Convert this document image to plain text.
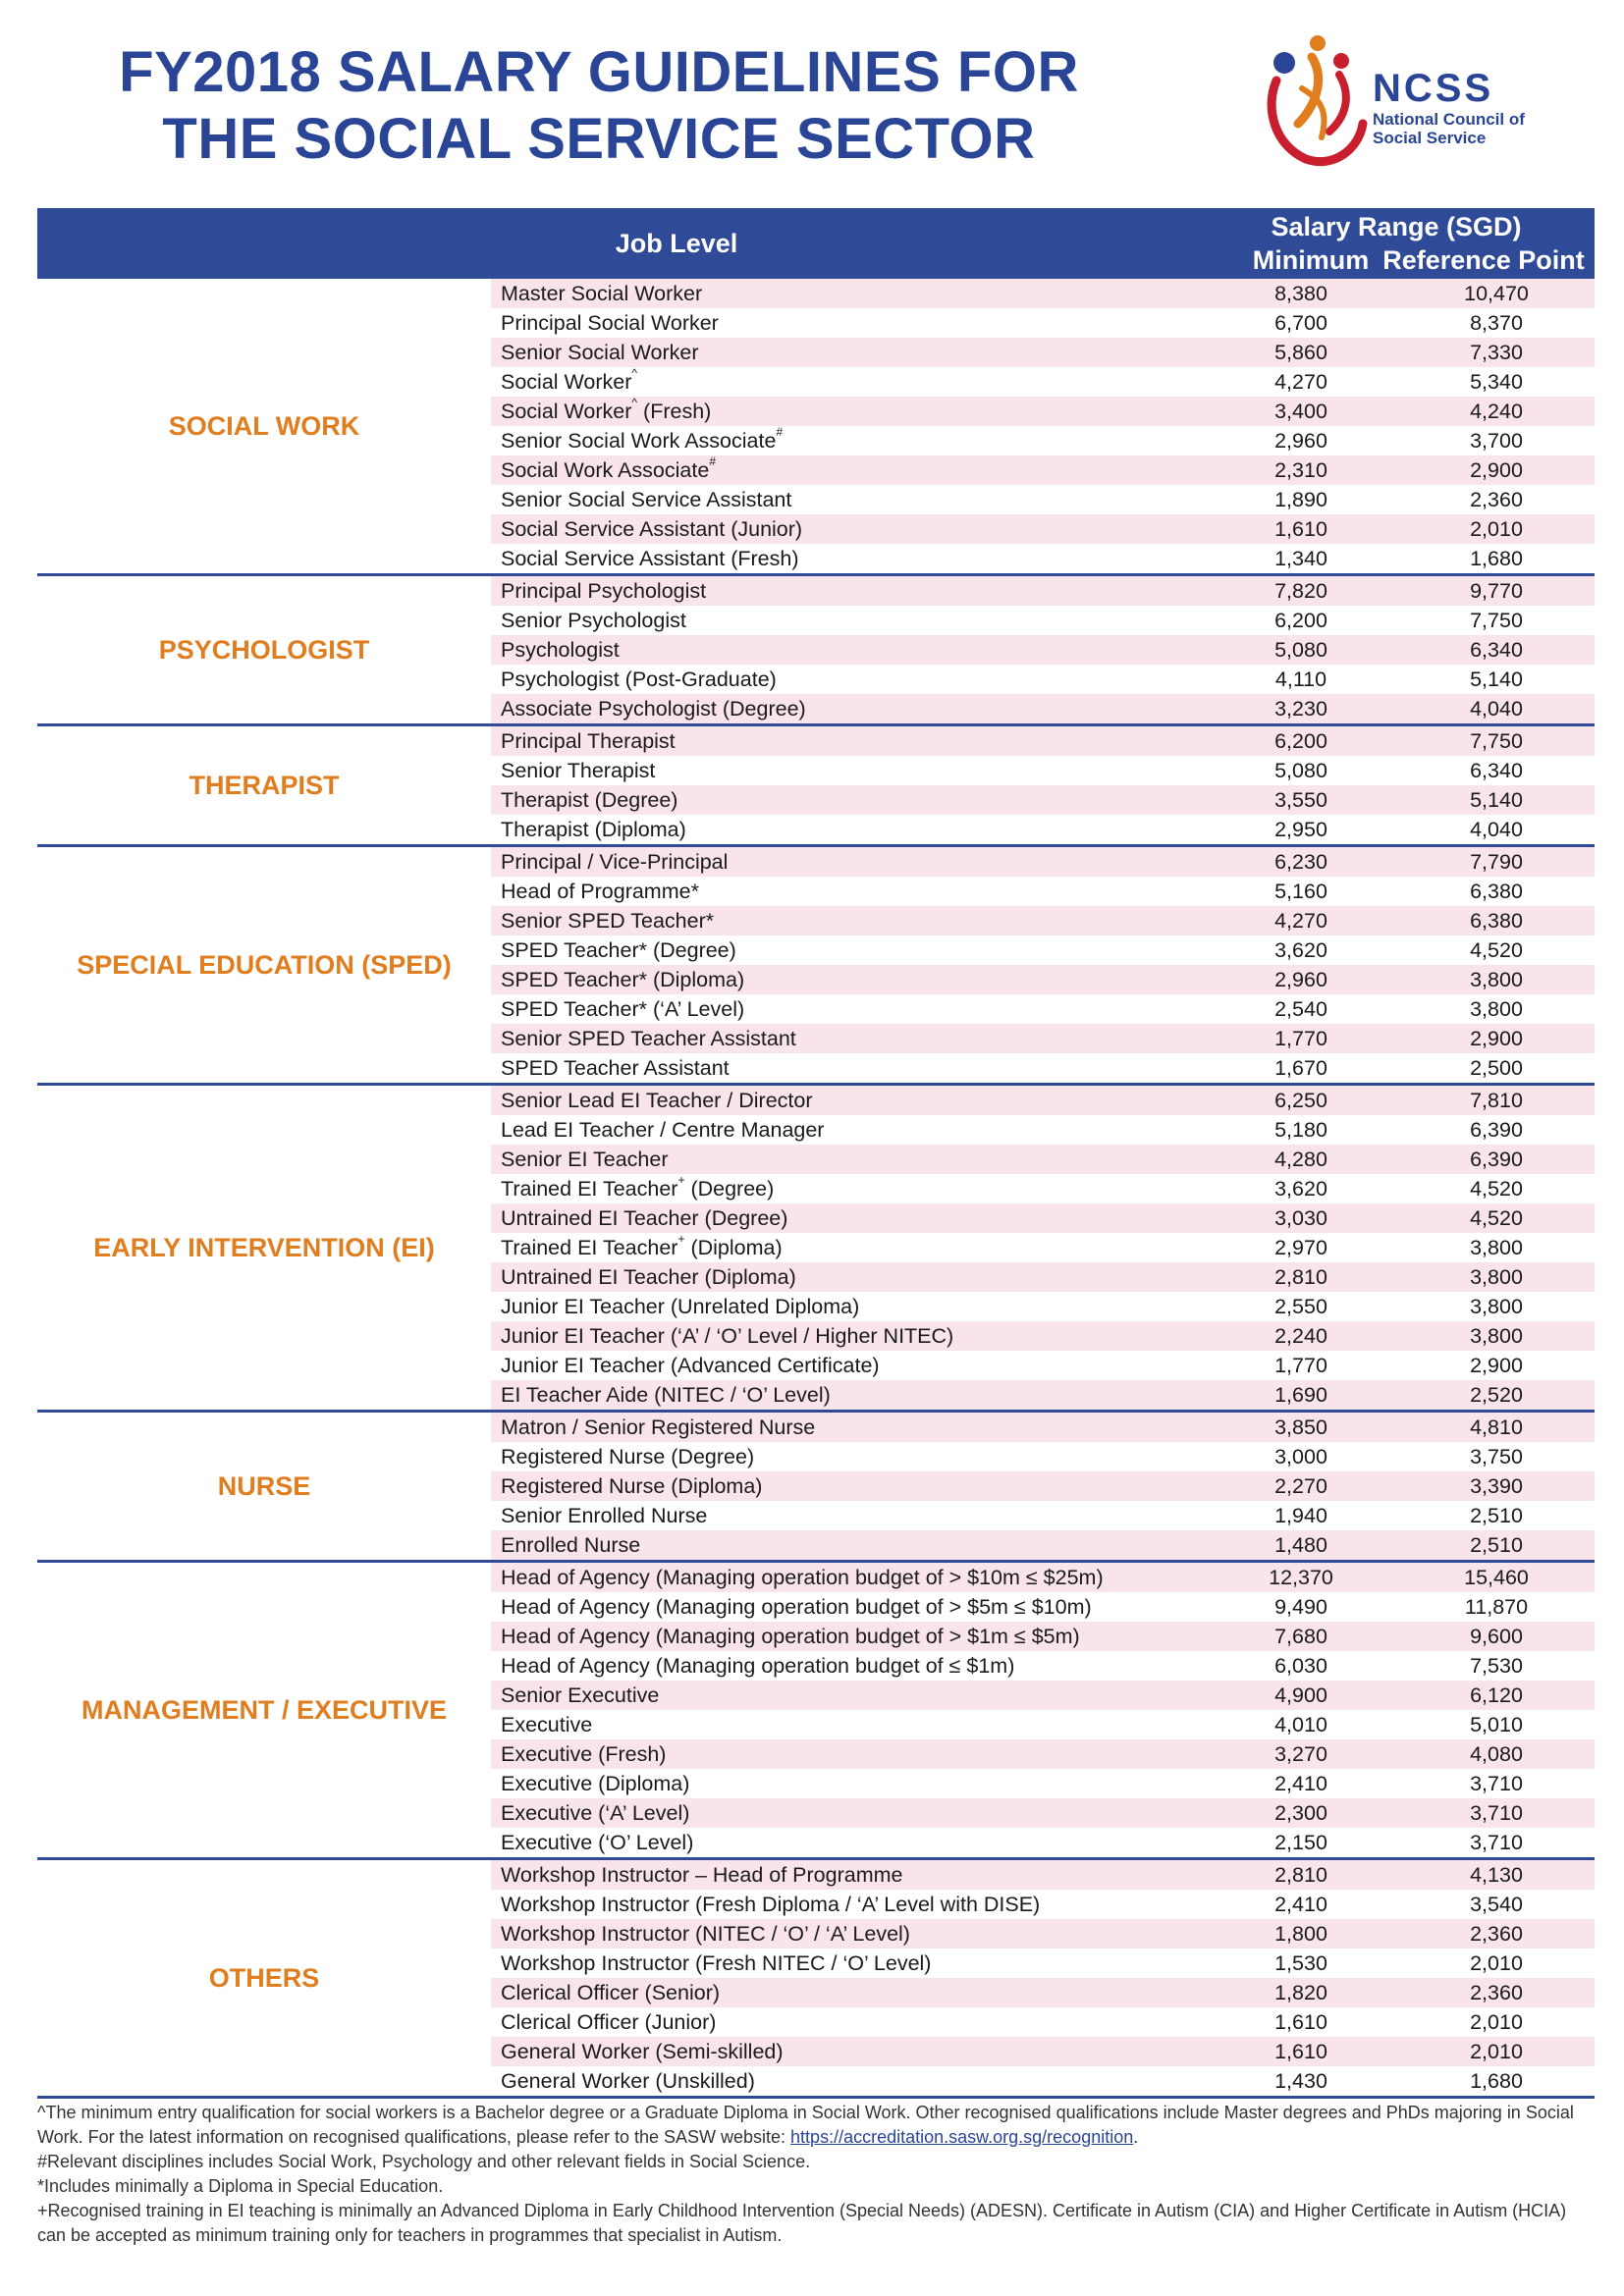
FY2018 SALARY GUIDELINES FOR
THE SOCIAL SERVICE SECTOR
NCSS
National Council of Social Service
Job Level
Salary Range (SGD)
Minimum Reference Point
SOCIAL WORK
Master Social Worker	8,380	10,470
Principal Social Worker	6,700	8,370
Senior Social Worker	5,860	7,330
Social Worker^	4,270	5,340
Social Worker^ (Fresh)	3,400	4,240
Senior Social Work Associate#	2,960	3,700
Social Work Associate#	2,310	2,900
Senior Social Service Assistant	1,890	2,360
Social Service Assistant (Junior)	1,610	2,010
Social Service Assistant (Fresh)	1,340	1,680
PSYCHOLOGIST
Principal Psychologist	7,820	9,770
Senior Psychologist	6,200	7,750
Psychologist	5,080	6,340
Psychologist (Post-Graduate)	4,110	5,140
Associate Psychologist (Degree)	3,230	4,040
THERAPIST
Principal Therapist	6,200	7,750
Senior Therapist	5,080	6,340
Therapist (Degree)	3,550	5,140
Therapist (Diploma)	2,950	4,040
SPECIAL EDUCATION (SPED)
Principal / Vice-Principal	6,230	7,790
Head of Programme*	5,160	6,380
Senior SPED Teacher*	4,270	6,380
SPED Teacher* (Degree)	3,620	4,520
SPED Teacher* (Diploma)	2,960	3,800
SPED Teacher* (‘A’ Level)	2,540	3,800
Senior SPED Teacher Assistant	1,770	2,900
SPED Teacher Assistant	1,670	2,500
EARLY INTERVENTION (EI)
Senior Lead EI Teacher / Director	6,250	7,810
Lead EI Teacher / Centre Manager	5,180	6,390
Senior EI Teacher	4,280	6,390
Trained EI Teacher+ (Degree)	3,620	4,520
Untrained EI Teacher (Degree)	3,030	4,520
Trained EI Teacher+ (Diploma)	2,970	3,800
Untrained EI Teacher (Diploma)	2,810	3,800
Junior EI Teacher (Unrelated Diploma)	2,550	3,800
Junior EI Teacher (‘A’ / ‘O’ Level / Higher NITEC)	2,240	3,800
Junior EI Teacher (Advanced Certificate)	1,770	2,900
EI Teacher Aide (NITEC / ‘O’ Level)	1,690	2,520
NURSE
Matron / Senior Registered Nurse	3,850	4,810
Registered Nurse (Degree)	3,000	3,750
Registered Nurse (Diploma)	2,270	3,390
Senior Enrolled Nurse	1,940	2,510
Enrolled Nurse	1,480	2,510
MANAGEMENT / EXECUTIVE
Head of Agency (Managing operation budget of > $10m ≤ $25m)	12,370	15,460
Head of Agency (Managing operation budget of > $5m ≤ $10m)	9,490	11,870
Head of Agency (Managing operation budget of > $1m ≤ $5m)	7,680	9,600
Head of Agency (Managing operation budget of ≤ $1m)	6,030	7,530
Senior Executive	4,900	6,120
Executive	4,010	5,010
Executive (Fresh)	3,270	4,080
Executive (Diploma)	2,410	3,710
Executive (‘A’ Level)	2,300	3,710
Executive (‘O’ Level)	2,150	3,710
OTHERS
Workshop Instructor – Head of Programme	2,810	4,130
Workshop Instructor (Fresh Diploma / ‘A’ Level with DISE)	2,410	3,540
Workshop Instructor (NITEC / ‘O’ / ‘A’ Level)	1,800	2,360
Workshop Instructor (Fresh NITEC / ‘O’ Level)	1,530	2,010
Clerical Officer (Senior)	1,820	2,360
Clerical Officer (Junior)	1,610	2,010
General Worker (Semi-skilled)	1,610	2,010
General Worker (Unskilled)	1,430	1,680

^The minimum entry qualification for social workers is a Bachelor degree or a Graduate Diploma in Social Work. Other recognised qualifications include Master degrees and PhDs majoring in Social Work. For the latest information on recognised qualifications, please refer to the SASW website: https://accreditation.sasw.org.sg/recognition.

#Relevant disciplines includes Social Work, Psychology and other relevant fields in Social Science.

*Includes minimally a Diploma in Special Education.

+Recognised training in EI teaching is minimally an Advanced Diploma in Early Childhood Intervention (Special Needs) (ADESN). Certificate in Autism (CIA) and Higher Certificate in Autism (HCIA) can be accepted as minimum training only for teachers in programmes that specialist in Autism.
